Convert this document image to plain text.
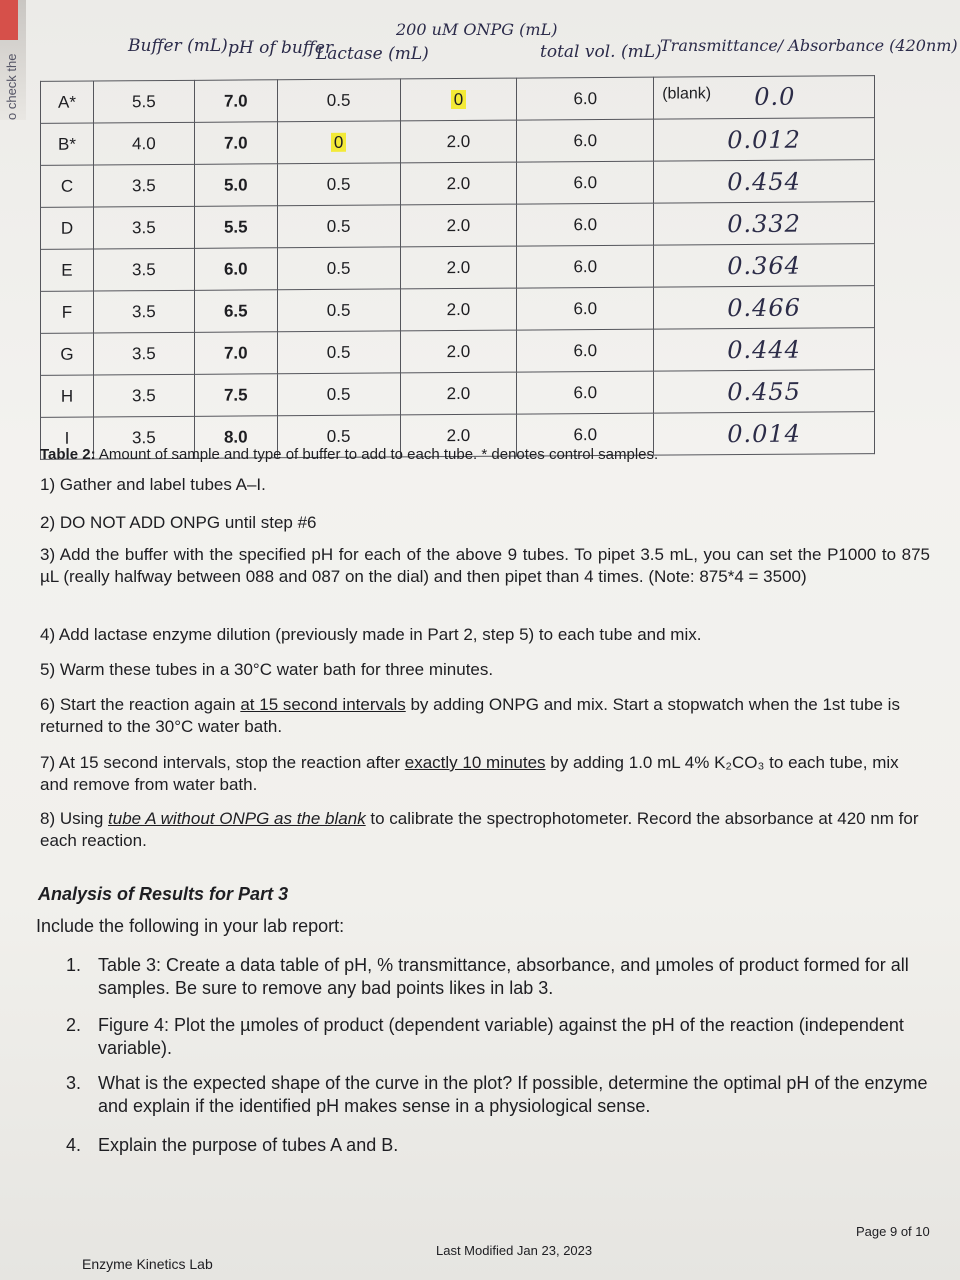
o check the
Buffer (mL) pH of buffer
Lactase (mL)
200 uM ONPG (mL)
total vol. (mL)
Transmittance/ Absorbance (420nm)
A*	5.5	7.0	0.5	0	6.0	(blank) 0.0

B*	4.0	7.0	0	2.0	6.0	0.012
C	3.5	5.0	0.5	2.0	6.0	0.454
D	3.5	5.5	0.5	2.0	6.0	0.332
E	3.5	6.0	0.5	2.0	6.0	0.364
F	3.5	6.5	0.5	2.0	6.0	0.466
G	3.5	7.0	0.5	2.0	6.0	0.444
H	3.5	7.5	0.5	2.0	6.0	0.455
I	3.5	8.0	0.5	2.0	6.0	0.014
Table 2: Amount of sample and type of buffer to add to each tube. * denotes control samples.
1) Gather and label tubes A–I.
2) DO NOT ADD ONPG until step #6
3) Add the buffer with the specified pH for each of the above 9 tubes. To pipet 3.5 mL, you can set the P1000 to 875 µL (really halfway between 088 and 087 on the dial) and then pipet than 4 times. (Note: 875*4 = 3500)
4) Add lactase enzyme dilution (previously made in Part 2, step 5) to each tube and mix.
5) Warm these tubes in a 30°C water bath for three minutes.
6) Start the reaction again at 15 second intervals by adding ONPG and mix. Start a stopwatch when the 1st tube is returned to the 30°C water bath.
7) At 15 second intervals, stop the reaction after exactly 10 minutes by adding 1.0 mL 4% K₂CO₃ to each tube, mix and remove from water bath.
8) Using tube A without ONPG as the blank to calibrate the spectrophotometer. Record the absorbance at 420 nm for each reaction.
Analysis of Results for Part 3
Include the following in your lab report:
1. Table 3: Create a data table of pH, % transmittance, absorbance, and µmoles of product formed for all samples. Be sure to remove any bad points likes in lab 3.
2. Figure 4: Plot the µmoles of product (dependent variable) against the pH of the reaction (independent variable).
3. What is the expected shape of the curve in the plot? If possible, determine the optimal pH of the enzyme and explain if the identified pH makes sense in a physiological sense.
4. Explain the purpose of tubes A and B.
Enzyme Kinetics Lab
Last Modified Jan 23, 2023
Page 9 of 10
